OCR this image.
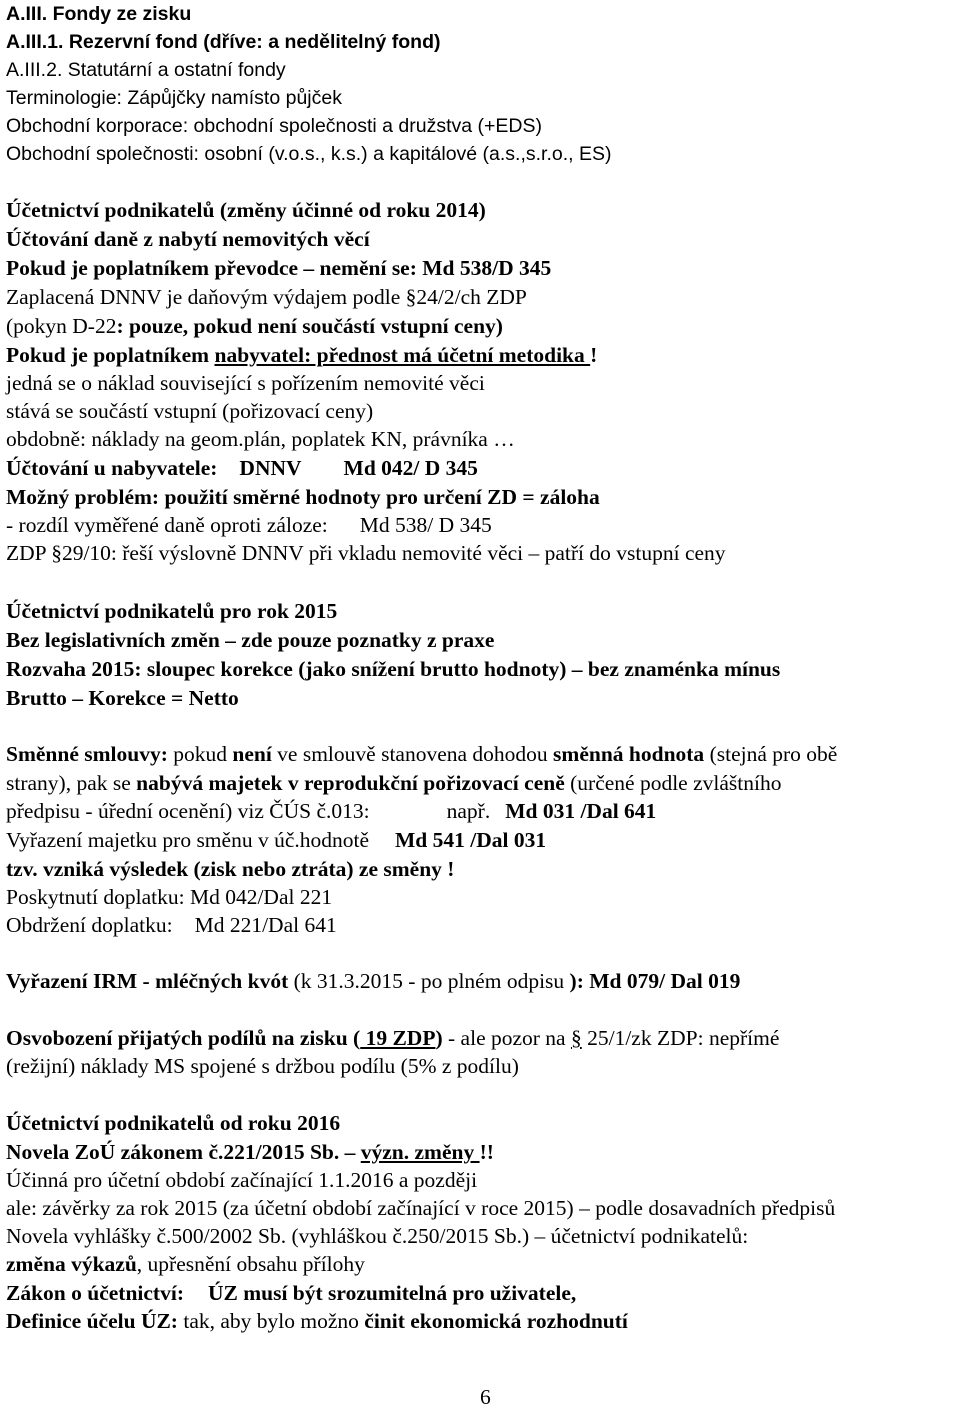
A.III. Fondy ze zisku
A.III.1. Rezervní fond (dříve: a nedělitelný fond)
A.III.2. Statutární a ostatní fondy
Terminologie: Zápůjčky namísto půjček
Obchodní korporace: obchodní společnosti a družstva (+EDS)
Obchodní společnosti: osobní (v.o.s., k.s.) a kapitálové (a.s.,s.r.o., ES)
Účetnictví podnikatelů (změny účinné od roku 2014)
Účtování daně z nabytí nemovitých věcí
Pokud je poplatníkem převodce – nemění se: Md 538/D 345
Zaplacená DNNV je daňovým výdajem podle §24/2/ch ZDP
(pokyn D-22: pouze, pokud není součástí vstupní ceny)
Pokud je poplatníkem nabyvatel: přednost má účetní metodika !
jedná se o náklad související s pořízením nemovité věci
stává se součástí vstupní (pořizovací ceny)
obdobně: náklady na geom.plán, poplatek KN, právníka …
Účtování u nabyvatele: DNNV Md 042/ D 345
Možný problém: použití směrné hodnoty pro určení ZD = záloha
- rozdíl vyměřené daně oproti záloze: Md 538/ D 345
ZDP §29/10: řeší výslovně DNNV při vkladu nemovité věci – patří do vstupní ceny
Účetnictví podnikatelů pro rok 2015
Bez legislativních změn – zde pouze poznatky z praxe
Rozvaha 2015: sloupec korekce (jako snížení brutto hodnoty) – bez znaménka mínus
Brutto – Korekce = Netto
Směnné smlouvy: pokud není ve smlouvě stanovena dohodou směnná hodnota (stejná pro obě
strany), pak se nabývá majetek v reprodukční pořizovací ceně (určené podle zvláštního
předpisu - úřední ocenění) viz ČÚS č.013:	např. Md 031 /Dal 641
Vyřazení majetku pro směnu v úč.hodnotě Md 541 /Dal 031
tzv. vzniká výsledek (zisk nebo ztráta) ze směny !
Poskytnutí doplatku: Md 042/Dal 221
Obdržení doplatku: Md 221/Dal 641
Vyřazení IRM - mléčných kvót (k 31.3.2015 - po plném odpisu ): Md 079/ Dal 019
Osvobození přijatých podílů na zisku ( 19 ZDP) - ale pozor na § 25/1/zk ZDP: nepřímé
(režijní) náklady MS spojené s držbou podílu (5% z podílu)
Účetnictví podnikatelů od roku 2016
Novela ZoÚ zákonem č.221/2015 Sb. – význ. změny !!
Účinná pro účetní období začínající 1.1.2016 a později
ale: závěrky za rok 2015 (za účetní období začínající v roce 2015) – podle dosavadních předpisů
Novela vyhlášky č.500/2002 Sb. (vyhláškou č.250/2015 Sb.) – účetnictví podnikatelů:
změna výkazů, upřesnění obsahu přílohy
Zákon o účetnictví: ÚZ musí být srozumitelná pro uživatele,
Definice účelu ÚZ: tak, aby bylo možno činit ekonomická rozhodnutí
6
